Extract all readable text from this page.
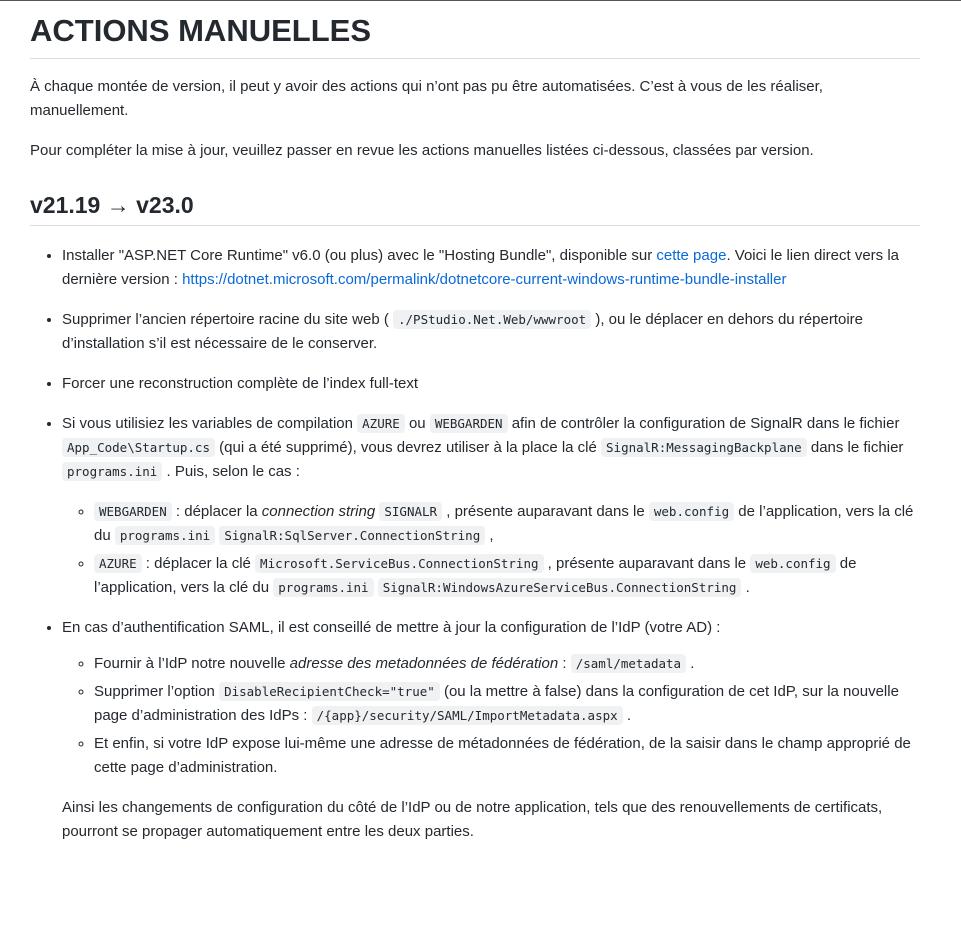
ACTIONS MANUELLES

À chaque montée de version, il peut y avoir des actions qui n’ont pas pu être automatisées. C’est à vous de les réaliser, manuellement.

Pour compléter la mise à jour, veuillez passer en revue les actions manuelles listées ci-dessous, classées par version.

v21.19 → v23.0
• Installer "ASP.NET Core Runtime" v6.0 (ou plus) avec le "Hosting Bundle", disponible sur cette page. Voici le lien direct vers la dernière version : https://dotnet.microsoft.com/permalink/dotnetcore-current-windows-runtime-bundle-installer
• Supprimer l’ancien répertoire racine du site web ( ./PStudio.Net.Web/wwwroot ), ou le déplacer en dehors du répertoire d’installation s’il est nécessaire de le conserver.
• Forcer une reconstruction complète de l’index full-text
• Si vous utilisiez les variables de compilation AZURE ou WEBGARDEN afin de contrôler la configuration de SignalR dans le fichier App_Code\Startup.cs (qui a été supprimé), vous devrez utiliser à la place la clé SignalR:MessagingBackplane dans le fichier programs.ini . Puis, selon le cas :
◦ WEBGARDEN : déplacer la connection string SIGNALR , présente auparavant dans le web.config de l’application, vers la clé du programs.ini SignalR:SqlServer.ConnectionString ,
◦ AZURE : déplacer la clé Microsoft.ServiceBus.ConnectionString , présente auparavant dans le web.config de l’application, vers la clé du programs.ini SignalR:WindowsAzureServiceBus.ConnectionString .
• En cas d’authentification SAML, il est conseillé de mettre à jour la configuration de l’IdP (votre AD) :
◦ Fournir à l’IdP notre nouvelle adresse des metadonnées de fédération : /saml/metadata .
◦ Supprimer l’option DisableRecipientCheck="true" (ou la mettre à false) dans la configuration de cet IdP, sur la nouvelle page d’administration des IdPs : /{app}/security/SAML/ImportMetadata.aspx .
◦ Et enfin, si votre IdP expose lui-même une adresse de métadonnées de fédération, de la saisir dans le champ approprié de cette page d’administration.

Ainsi les changements de configuration du côté de l’IdP ou de notre application, tels que des renouvellements de certificats, pourront se propager automatiquement entre les deux parties.
